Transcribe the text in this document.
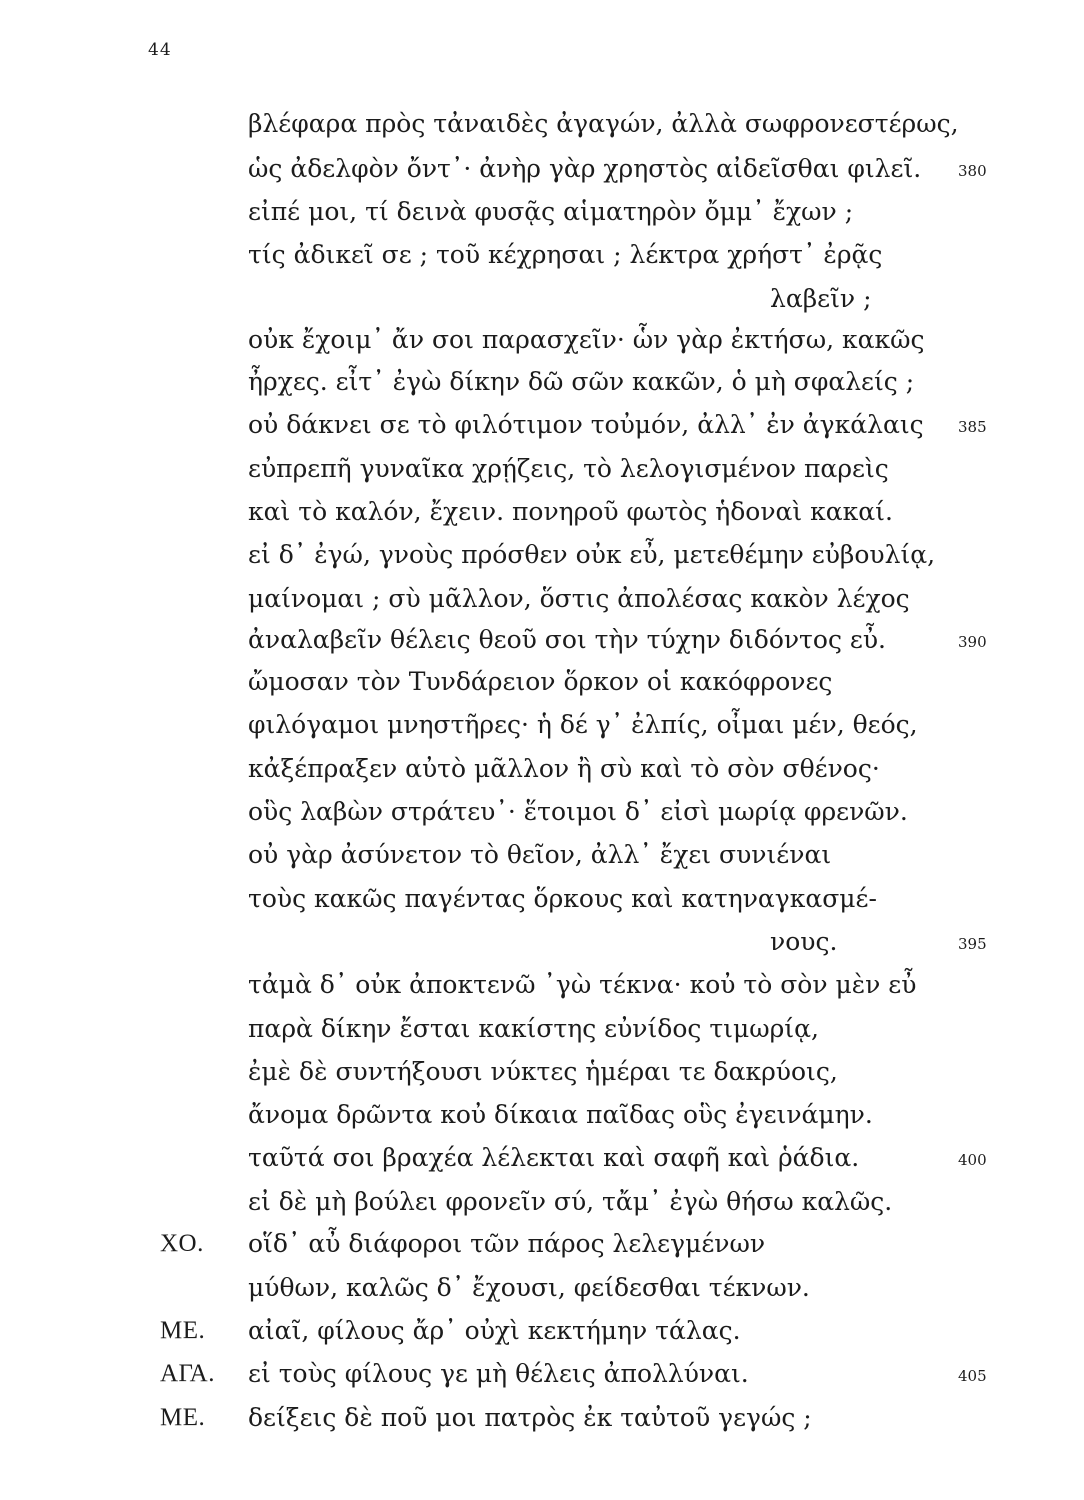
44
βλέφαρα πρὸς τἀναιδὲς ἀγαγών, ἀλλὰ σωφρονεστέρως,
ὡς ἀδελφὸν ὄντ᾽· ἀνὴρ γὰρ χρηστὸς αἰδεῖσθαι φιλεῖ. 380
εἰπέ μοι, τί δεινὰ φυσᾷς αἱματηρὸν ὄμμ᾽ ἔχων ;
τίς ἀδικεῖ σε ; τοῦ κέχρησαι ; λέκτρα χρήστ᾽ ἐρᾷς
λαβεῖν ;
οὐκ ἔχοιμ᾽ ἄν σοι παρασχεῖν· ὧν γὰρ ἐκτήσω, κακῶς
ἦρχες. εἶτ᾽ ἐγὼ δίκην δῶ σῶν κακῶν, ὁ μὴ σφαλείς ;
οὐ δάκνει σε τὸ φιλότιμον τοὐμόν, ἀλλ᾽ ἐν ἀγκάλαις 385
εὐπρεπῆ γυναῖκα χρῄζεις, τὸ λελογισμένον παρεὶς
καὶ τὸ καλόν, ἔχειν. πονηροῦ φωτὸς ἡδοναὶ κακαί.
εἰ δ᾽ ἐγώ, γνοὺς πρόσθεν οὐκ εὖ, μετεθέμην εὐβουλίᾳ,
μαίνομαι ; σὺ μᾶλλον, ὅστις ἀπολέσας κακὸν λέχος
ἀναλαβεῖν θέλεις θεοῦ σοι τὴν τύχην διδόντος εὖ.	390
ὤμοσαν τὸν Τυνδάρειον ὅρκον οἱ κακόφρονες
φιλόγαμοι μνηστῆρες· ἡ δέ γ᾽ ἐλπίς, οἶμαι μέν, θεός,
κἀξέπραξεν αὐτὸ μᾶλλον ἢ σὺ καὶ τὸ σὸν σθένος·
οὓς λαβὼν στράτευ᾽· ἕτοιμοι δ᾽ εἰσὶ μωρίᾳ φρενῶν.
οὐ γὰρ ἀσύνετον τὸ θεῖον, ἀλλ᾽ ἔχει συνιέναι
τοὺς κακῶς παγέντας ὅρκους καὶ κατηναγκασμέ-
νους.	395
τἀμὰ δ᾽ οὐκ ἀποκτενῶ ᾽γὼ τέκνα· κοὐ τὸ σὸν μὲν εὖ
παρὰ δίκην ἔσται κακίστης εὐνίδος τιμωρίᾳ,
ἐμὲ δὲ συντήξουσι νύκτες ἡμέραι τε δακρύοις,
ἄνομα δρῶντα κοὐ δίκαια παῖδας οὓς ἐγεινάμην.
ταῦτά σοι βραχέα λέλεκται καὶ σαφῆ καὶ ῥάδια.	400
εἰ δὲ μὴ βούλει φρονεῖν σύ, τἄμ᾽ ἐγὼ θήσω καλῶς.
ΧΟ. οἵδ᾽ αὖ διάφοροι τῶν πάρος λελεγμένων
μύθων, καλῶς δ᾽ ἔχουσι, φείδεσθαι τέκνων.
ΜΕ. αἰαῖ, φίλους ἄρ᾽ οὐχὶ κεκτήμην τάλας.
ΑΓΑ. εἰ τοὺς φίλους γε μὴ θέλεις ἀπολλύναι.	405
ΜΕ. δείξεις δὲ ποῦ μοι πατρὸς ἐκ ταὐτοῦ γεγώς ;
